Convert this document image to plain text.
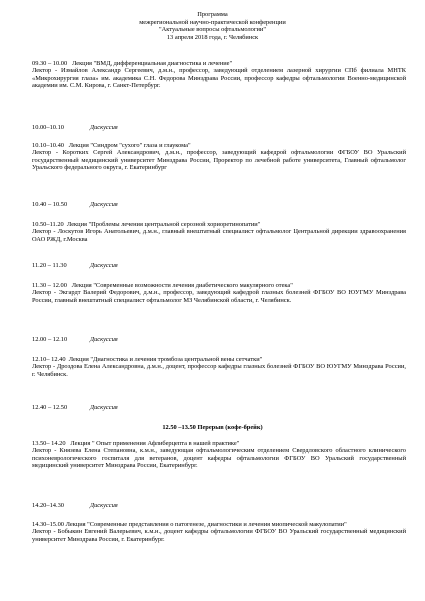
Программа
межрегиональной научно-практической конференции
"Актуальные вопросы офтальмологии"
13 апреля 2018 года, г. Челябинск
09.30 – 10.00 Лекция "ВМД, дифференциальная диагностика и лечение"
Лектор - Измайлов Александр Сергеевич, д.м.н., профессор, заведующий отделением лазерной хирургии СПб филиала МНТК «Микрохирургия глаза» им. академика С.Н. Федорова Минздрава России, профессор кафедры офтальмологии Военно-медицинской академии им. С.М. Кирова, г. Санкт-Петербург.
10.00–10.10	Дискуссия
10.10–10.40 Лекция "Синдром "сухого" глаза и глаукома"
Лектор - Коротких Сергей Александрович, д.м.н., профессор, заведующий кафедрой офтальмологии ФГБОУ ВО Уральский государственный медицинский университет Минздрава России, Проректор по лечебной работе университета, Главный офтальмолог Уральского федерального округа, г. Екатеринбург
10.40 – 10.50	Дискуссия
10.50–11.20 Лекция "Проблемы лечения центральной серозной хориоретинопатии"
Лектор - Лоскутов Игорь Анатольевич, д.м.н., главный внештатный специалист офтальмолог Центральной дирекции здравоохранения ОАО РЖД, г.Москва
11.20 – 11.30	Дискуссия
11.30 – 12.00 Лекция "Современные возможности лечения диабетического макулярного отека"
Лектор - Экгардт Валерий Федорович, д.м.н., профессор, заведующий кафедрой глазных болезней ФГБОУ ВО ЮУГМУ Минздрава России, главный внештатный специалист офтальмолог МЗ Челябинской области, г. Челябинск.
12.00 – 12.10	Дискуссия
12.10– 12.40 Лекция "Диагностика и лечения тромбоза центральной вены сетчатки"
Лектор - Дроздова Елена Александровна, д.м.н., доцент, профессор кафедры глазных болезней ФГБОУ ВО ЮУГМУ Минздрава России, г. Челябинск.
12.40 – 12.50	Дискуссия
12.50 –13.50 Перерыв (кофе-брейк)
13.50– 14.20 Лекция " Опыт применения Афлиберцепта в нашей практике"
Лектор - Князева Елена Степановна, к.м.н., заведующая офтальмологическим отделением Свердловского областного клинического психоневрологического госпиталя для ветеранов, доцент кафедры офтальмологии ФГБОУ ВО Уральский государственный медицинский университет Минздрава России, Екатеринбург.
14.20–14.30	Дискуссия
14.30–15.00 Лекция "Современные представления о патогенезе, диагностики и лечения миопической макулопатии"
Лектор - Бобыкин Евгений Валерьевич, к.м.н., доцент кафедры офтальмологии ФГБОУ ВО Уральский государственный медицинский университет Минздрава России, г. Екатеринбург.
